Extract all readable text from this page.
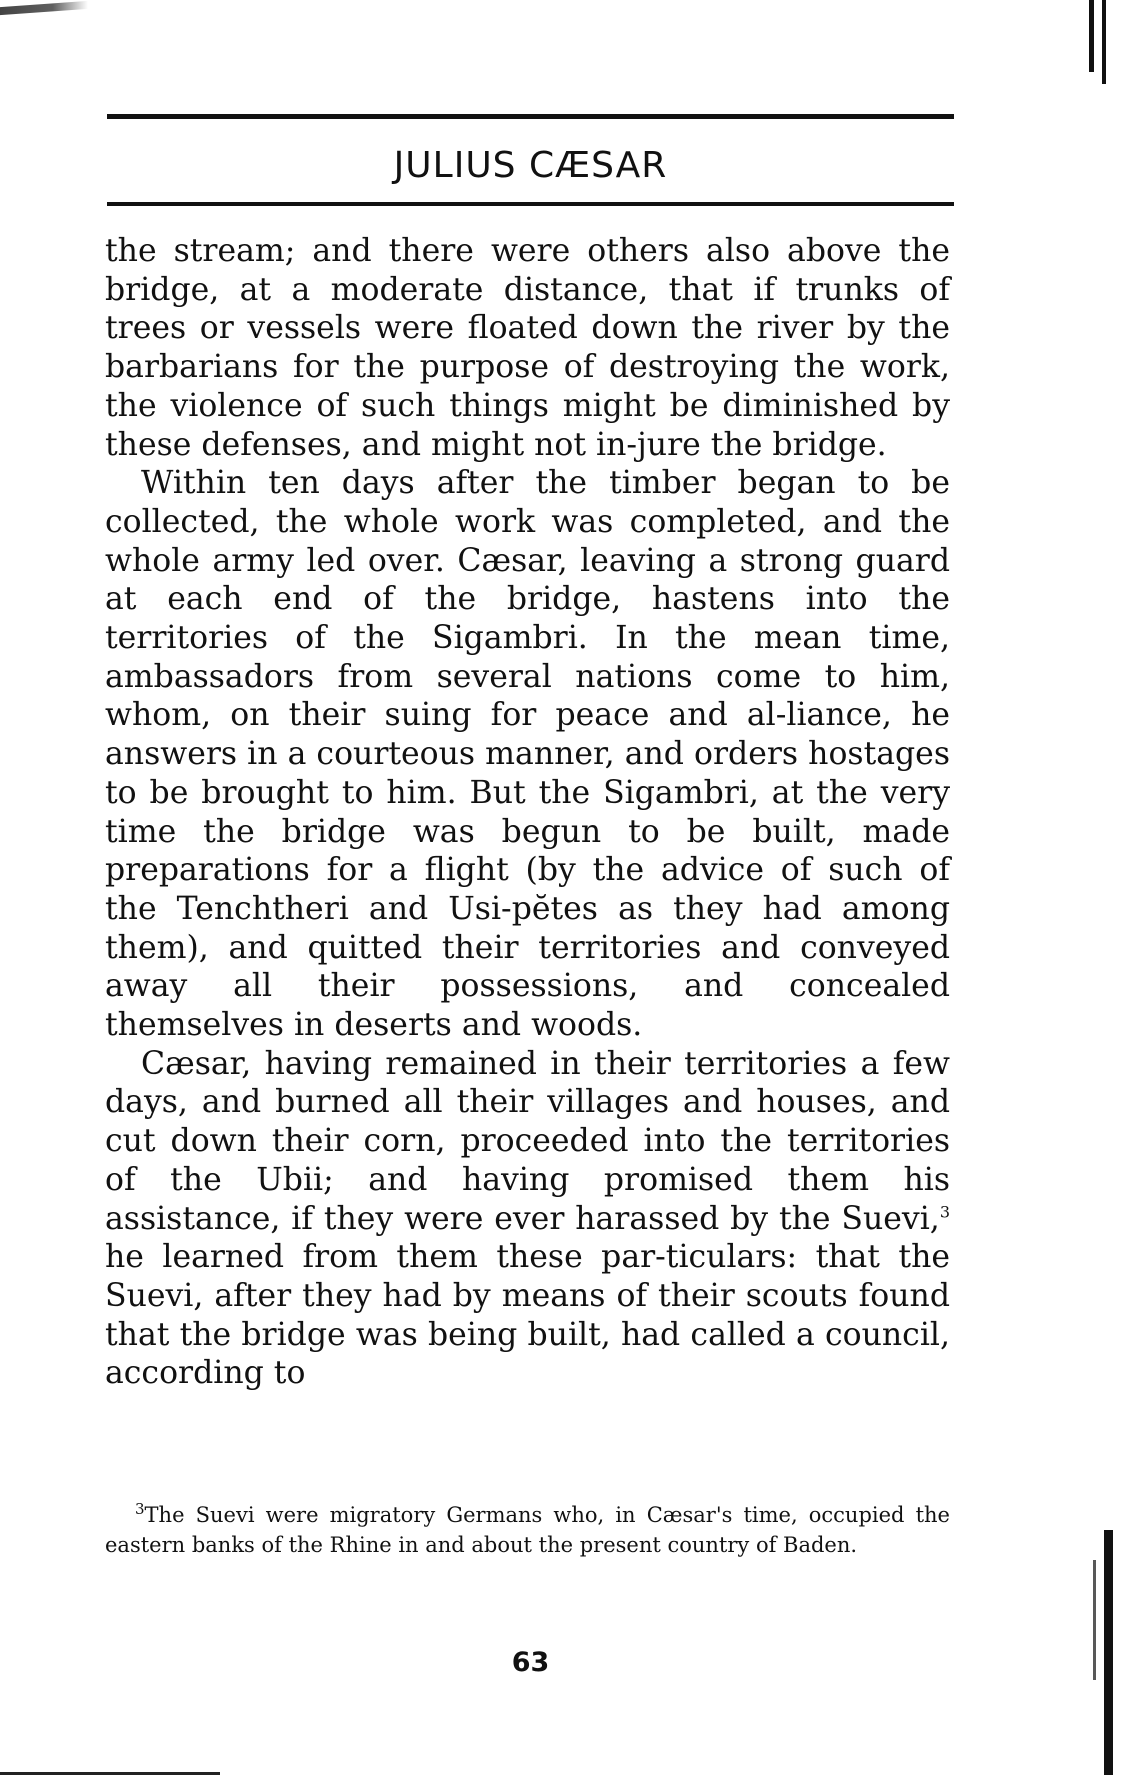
JULIUS CÆSAR

the stream; and there were others also above the bridge, at a moderate distance, that if trunks of trees or vessels were floated down the river by the barbarians for the purpose of destroying the work, the violence of such things might be diminished by these defenses, and might not in-jure the bridge.

Within ten days after the timber began to be collected, the whole work was completed, and the whole army led over. Cæsar, leaving a strong guard at each end of the bridge, hastens into the territories of the Sigambri. In the mean time, ambassadors from several nations come to him, whom, on their suing for peace and al-liance, he answers in a courteous manner, and orders hostages to be brought to him. But the Sigambri, at the very time the bridge was begun to be built, made preparations for a flight (by the advice of such of the Tenchtheri and Usi-pĕtes as they had among them), and quitted their territories and conveyed away all their possessions, and concealed themselves in deserts and woods.

Cæsar, having remained in their territories a few days, and burned all their villages and houses, and cut down their corn, proceeded into the territories of the Ubii; and having promised them his assistance, if they were ever harassed by the Suevi,$^3$ he learned from them these par-ticulars: that the Suevi, after they had by means of their scouts found that the bridge was being built, had called a council, according to

$^3$The Suevi were migratory Germans who, in Cæsar's time, occupied the eastern banks of the Rhine in and about the present country of Baden.
63
